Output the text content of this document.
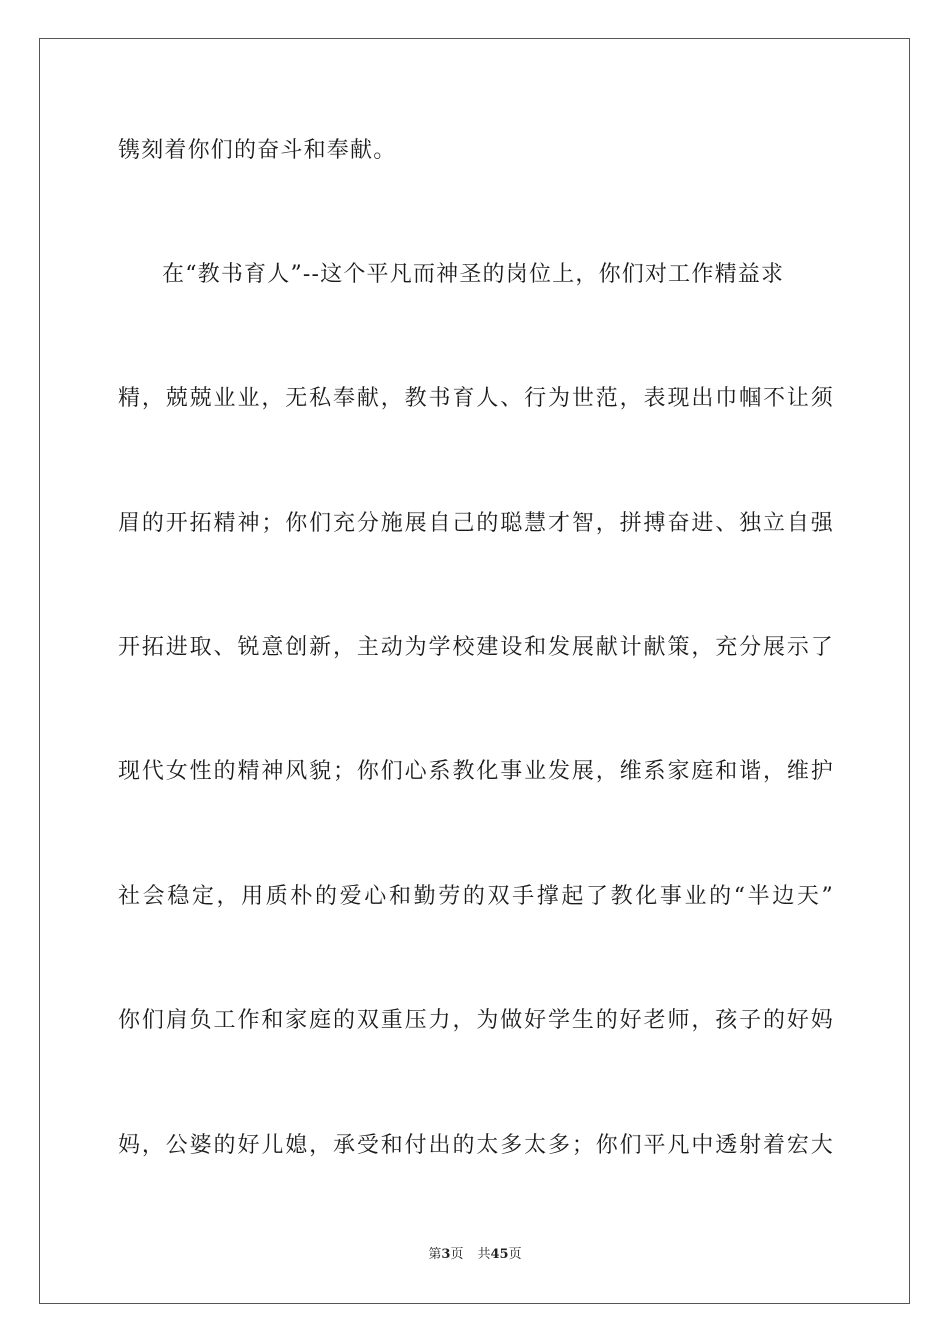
镌刻着你们的奋斗和奉献。
在“教书育人”--这个平凡而神圣的岗位上，你们对工作精益求
精，兢兢业业，无私奉献，教书育人、行为世范，表现出巾帼不让须
眉的开拓精神；你们充分施展自己的聪慧才智，拼搏奋进、独立自强
开拓进取、锐意创新，主动为学校建设和发展献计献策，充分展示了
现代女性的精神风貌；你们心系教化事业发展，维系家庭和谐，维护
社会稳定，用质朴的爱心和勤劳的双手撑起了教化事业的“半边天”
你们肩负工作和家庭的双重压力，为做好学生的好老师，孩子的好妈
妈，公婆的好儿媳，承受和付出的太多太多；你们平凡中透射着宏大
第3页 共45页
